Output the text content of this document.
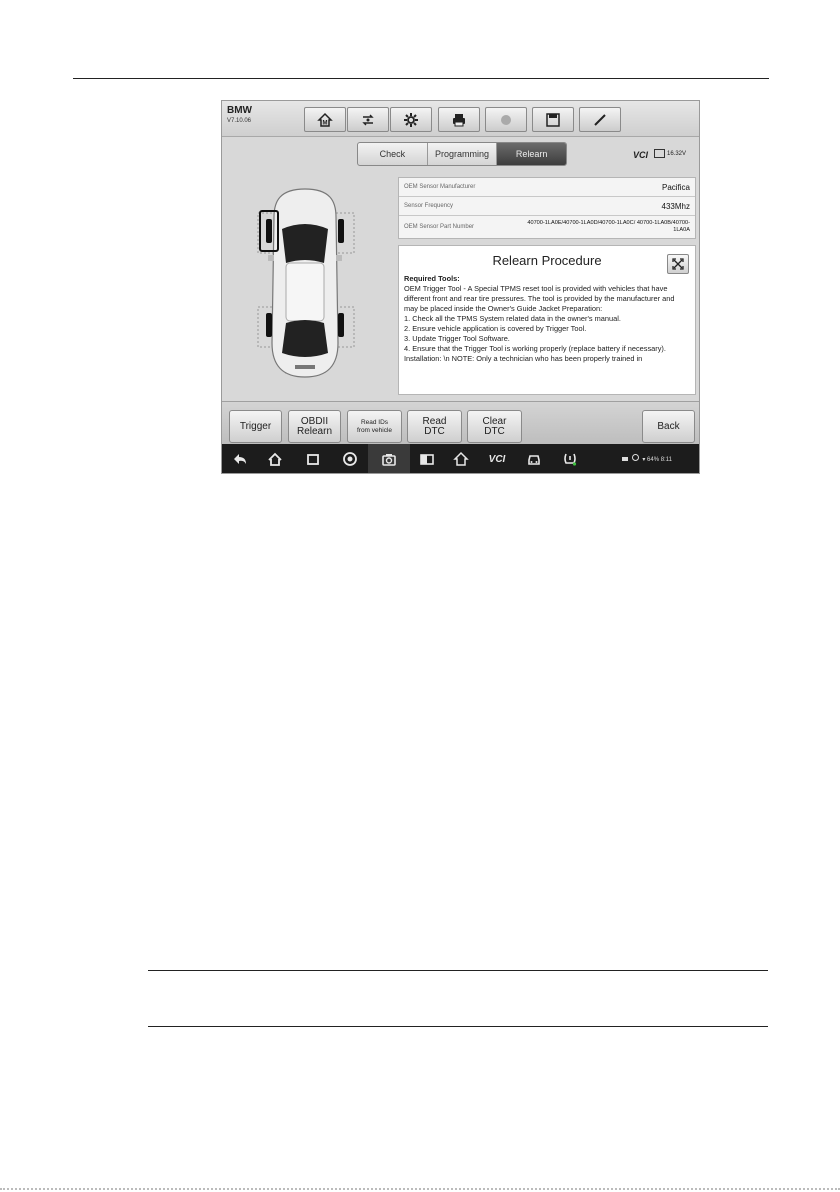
BMW
V7.10.06	M
Check	Programming	Relearn	VCI	16.32V
OEM Sensor Manufacturer	Pacifica
Sensor Frequency	433Mhz
OEM Sensor Part Number
40700-1LA0E/40700-1LA0D/40700-1LA0C/ 40700-1LA0B/40700-1LA0A
Relearn Procedure

Required Tools:

OEM Trigger Tool - A Special TPMS reset tool is provided with vehicles that have different front and rear tire pressures. The tool is provided by the manufacturer and may be placed inside the Owner's Guide Jacket Preparation:

1. Check all the TPMS System related data in the owner's manual.

2. Ensure vehicle application is covered by Trigger Tool.

3. Update Trigger Tool Software.

4. Ensure that the Trigger Tool is working properly (replace battery if necessary).

Installation: \n NOTE: Only a technician who has been properly trained in

Trigger	OBDII
Relearn
Read IDs
from vehicle
Read
DTC
Clear
DTC	Back
VCI	▾ 64% 8:11
